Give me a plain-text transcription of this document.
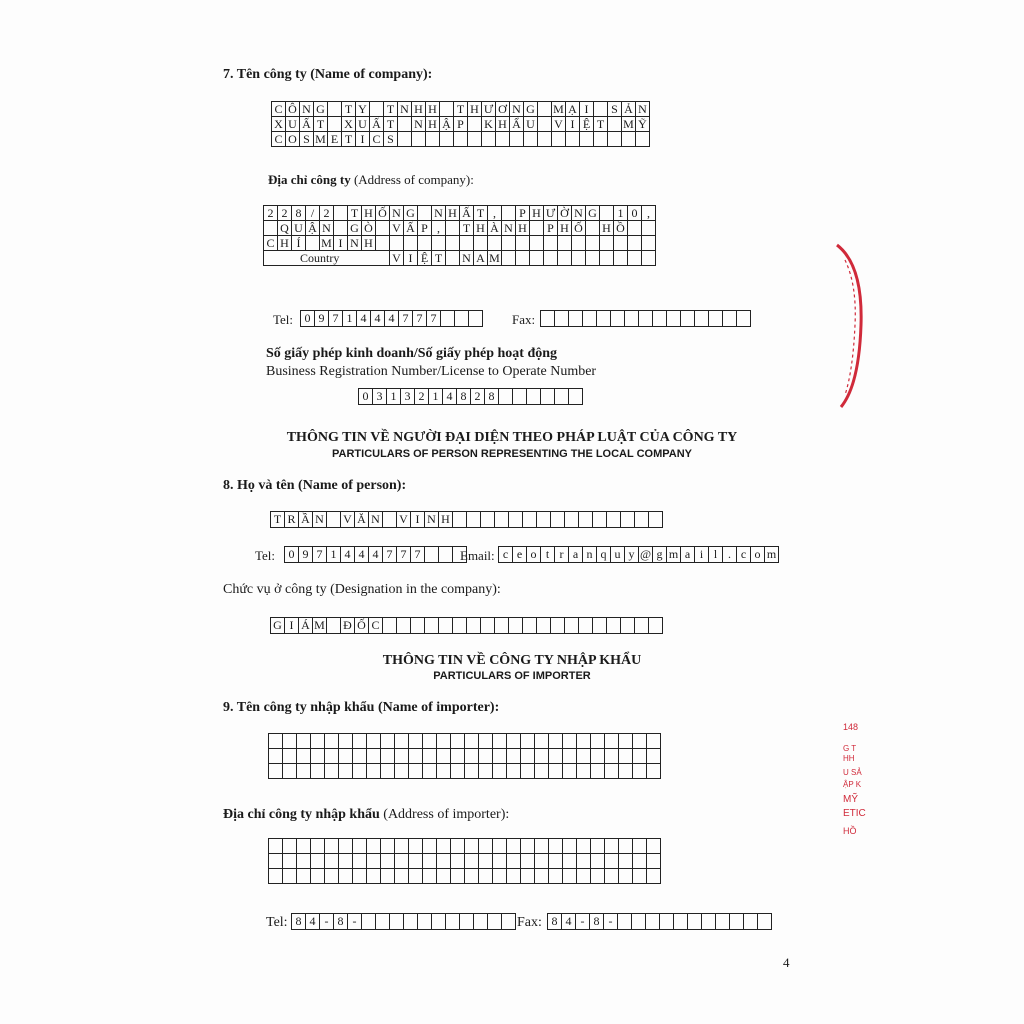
7. Tên công ty (Name of company):
C	Ô	N	G		T	Y		T	N	H	H		T	H	Ư	Ơ	N	G		M	Ạ	I		S	Ả	N
X	U	Ấ	T		X	U	Ấ	T		N	H	Ậ	P		K	H	Ẩ	U		V	I	Ệ	T		M	Ỹ
C	O	S	M	E	T	I	C	S																		
Địa chỉ công ty (Address of company):
2	2	8	/	2		T	H	Ố	N	G		N	H	Ấ	T	,		P	H	Ư	Ờ	N	G		1	0	,
	Q	U	Ậ	N		G	Ò		V	Ấ	P	,		T	H	À	N	H		P	H	Ố		H	Ồ		
C	H	Í		M	I	N	H																				
Country									V	I	Ệ	T		N	A	M											
Tel: 0	9	7	1	4	4	4	7	7	7				Fax:

Số giấy phép kinh doanh/Số giấy phép hoạt động
Business Registration Number/License to Operate Number
0	3	1	3	2	1	4	8	2	8						
THÔNG TIN VỀ NGƯỜI ĐẠI DIỆN THEO PHÁP LUẬT CỦA CÔNG TY
PARTICULARS OF PERSON REPRESENTING THE LOCAL COMPANY
8. Họ và tên (Name of person):
T	R	Ầ	N		V	Ă	N		V	I	N	H															
Tel: 0	9	7	1	4	4	4	7	7	7				Email: c	e	o	t	r	a	n	q	u	y	@	g	m	a	i	l	.	c	o	m
Chức vụ ở công ty (Designation in the company):
G	I	Á	M		Đ	Ố	C																				
THÔNG TIN VỀ CÔNG TY NHẬP KHẨU
PARTICULARS OF IMPORTER
9. Tên công ty nhập khẩu (Name of importer):

Địa chỉ công ty nhập khẩu (Address of importer):

Tel: 8	4	-	8	-												Fax: 8	4	-	8	-											
4
148
G T
HH
U SẢ
ẬP K
MỸ
ETIC
HỒ
